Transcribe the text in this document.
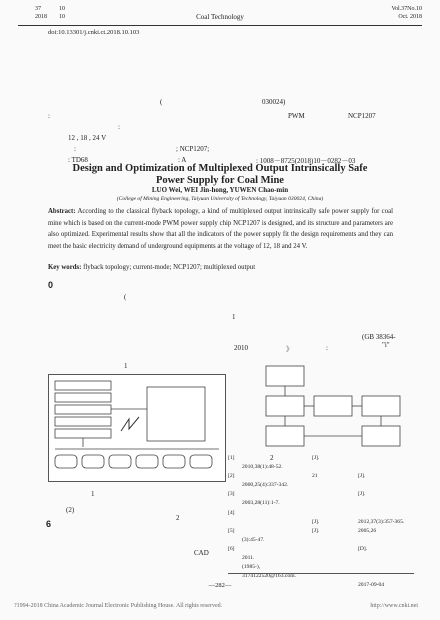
37	10
2018 10	Coal Technology
Vol.37No.10
Oct. 2018
doi:10.13301/j.cnki.ct.2018.10.103
(	030024)
:	PWM	NCP1207
:
12 , 18 , 24 V
:	; NCP1207;
: TD68	: A	: 1008－8725(2018)10－0282－03
Design and Optimization of Multiplexed Output Intrinsically Safe
LUO Wei, WEI Jin-hong, YUWEN Chao-min
(College of Mining Engineering, Taiyuan University of Technology, Taiyuan 030024, China)
Abstract: According to the classical flyback topology, a kind of multiplexed output intrinsically safe power supply for coal mine which is based on the current-mode PWM power supply chip NCP1207 is designed, and its structure and parameters are also optimized. Experimental results show that all the indicators of the power supply fit the design requirements and they can meet the basic electricity demand of underground equipments at the voltage of 12, 18 and 24 V.
Key words: flyback topology; current-mode; NCP1207; multiplexed output
0
(
1
(GB 38364-
"i"
2010	》	:
1
1
2
(2)
2
6
CAD
[1]	[J].
2010,38(1):48-52.
[2]	21	[J].
2000,25(4):337-342.
[3]	[J].
2003,28(11):1-7.
[4]
[J].	2012,37(3):357-365.
[5]	[J].	2005,26
(3):45-47.
[6]	[D].
2011.
(1985-),
3174122520@163.com.
2017-09-04
—282—
?1994-2018 China Academic Journal Electronic Publishing House. All rights reserved.	http://www.cnki.net
Power Supply for Coal Mine
